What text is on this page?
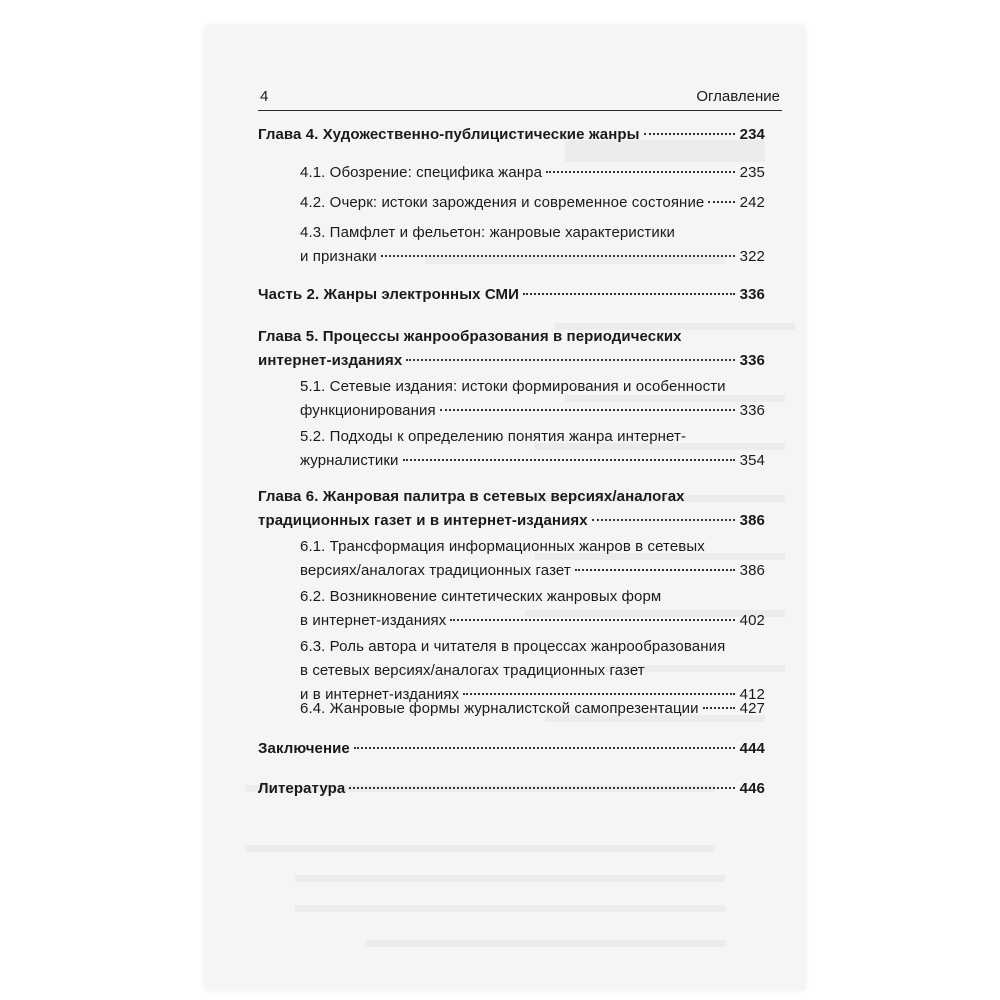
4	Оглавление
Глава 4. Художественно-публицистические жанры	234
4.1. Обозрение: специфика жанра	235
4.2. Очерк: истоки зарождения и современное состояние 242
4.3. Памфлет и фельетон: жанровые характеристики
и признаки	322
Часть 2. Жанры электронных СМИ	336
Глава 5. Процессы жанрообразования в периодических
интернет-изданиях	336
5.1. Сетевые издания: истоки формирования и особенности
функционирования	336
5.2. Подходы к определению понятия жанра интернет-
журналистики	354
Глава 6. Жанровая палитра в сетевых версиях/аналогах
традиционных газет и в интернет-изданиях	386
6.1. Трансформация информационных жанров в сетевых
версиях/аналогах традиционных газет	386
6.2. Возникновение синтетических жанровых форм
в интернет-изданиях	402
6.3. Роль автора и читателя в процессах жанрообразования
в сетевых версиях/аналогах традиционных газет
и в интернет-изданиях	412
6.4. Жанровые формы журналистской самопрезентации	427
Заключение	444
Литература	446
